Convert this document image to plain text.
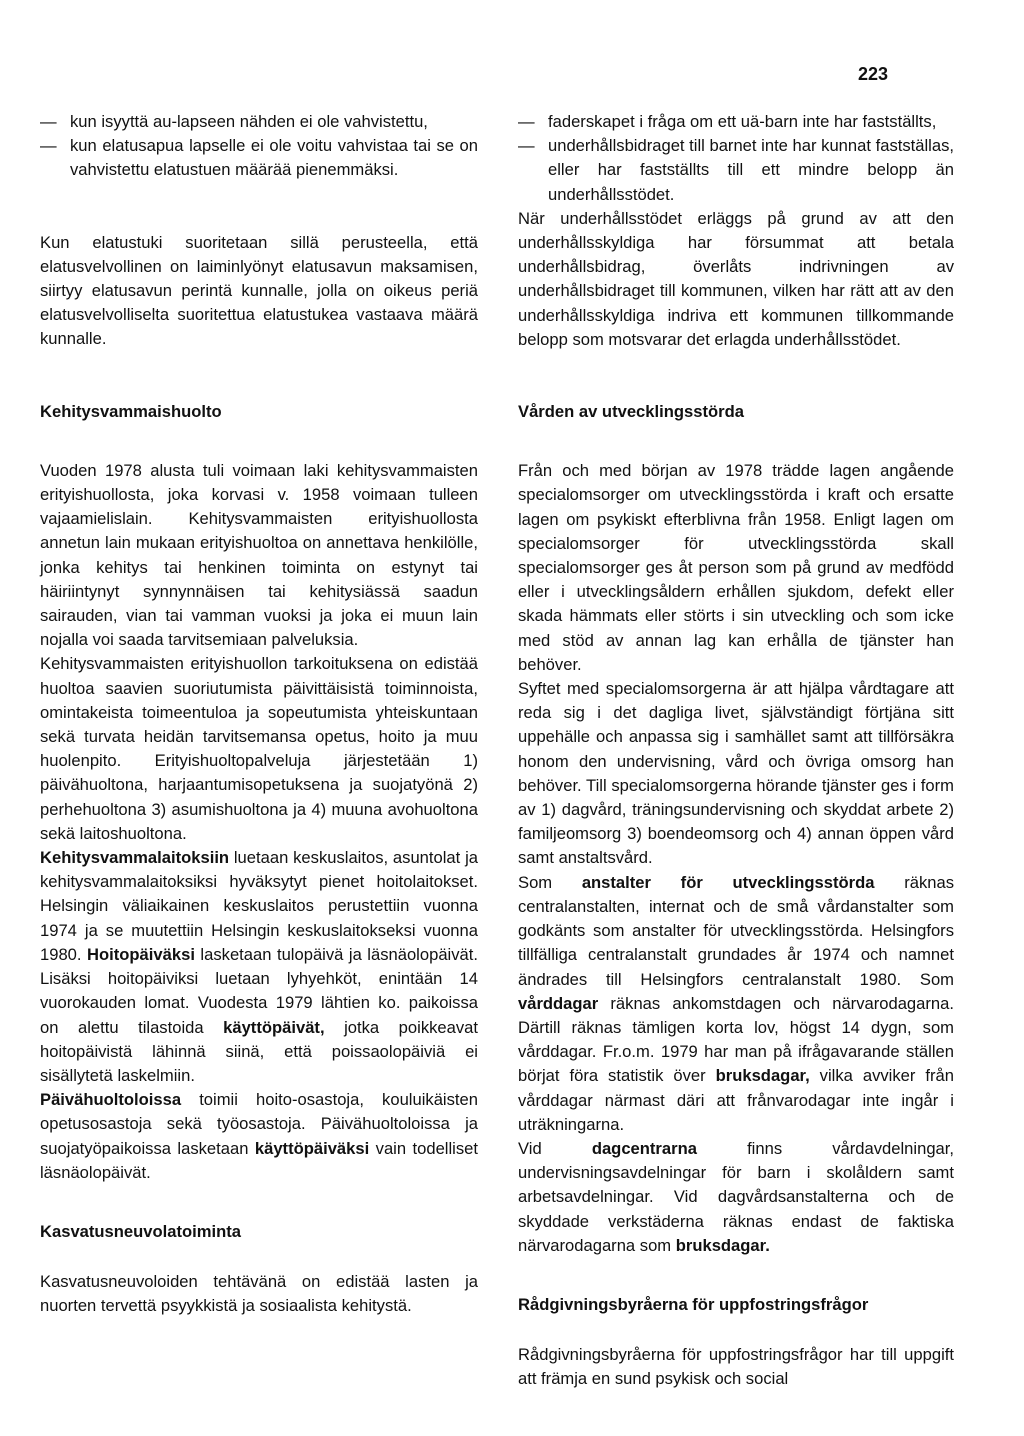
223
— kun isyyttä au-lapseen nähden ei ole vahvistettu,
— kun elatusapua lapselle ei ole voitu vahvistaa tai se on vahvistettu elatustuen määrää pienemmäksi.

Kun elatustuki suoritetaan sillä perusteella, että elatusvelvollinen on laiminlyönyt elatusavun maksamisen, siirtyy elatusavun perintä kunnalle, jolla on oikeus periä elatusvelvolliselta suoritettua elatustukea vastaava määrä kunnalle.

Kehitysvammaishuolto

Vuoden 1978 alusta tuli voimaan laki kehitysvammaisten erityishuollosta, joka korvasi v. 1958 voimaan tulleen vajaamielislain. Kehitysvammaisten erityishuollosta annetun lain mukaan erityishuoltoa on annettava henkilölle, jonka kehitys tai henkinen toiminta on estynyt tai häiriintynyt synnynnäisen tai kehitysiässä saadun sairauden, vian tai vamman vuoksi ja joka ei muun lain nojalla voi saada tarvitsemiaan palveluksia.

Kehitysvammaisten erityishuollon tarkoituksena on edistää huoltoa saavien suoriutumista päivittäisistä toiminnoista, omintakeista toimeentuloa ja sopeutumista yhteiskuntaan sekä turvata heidän tarvitsemansa opetus, hoito ja muu huolenpito. Erityishuoltopalveluja järjestetään 1) päivähuoltona, harjaantumisopetuksena ja suojatyönä 2) perhehuoltona 3) asumishuoltona ja 4) muuna avohuoltona sekä laitoshuoltona.

Kehitysvammalaitoksiin luetaan keskuslaitos, asuntolat ja kehitysvammalaitoksiksi hyväksytyt pienet hoitolaitokset. Helsingin väliaikainen keskuslaitos perustettiin vuonna 1974 ja se muutettiin Helsingin keskuslaitokseksi vuonna 1980. Hoitopäiväksi lasketaan tulopäivä ja läsnäolopäivät. Lisäksi hoitopäiviksi luetaan lyhyehköt, enintään 14 vuorokauden lomat. Vuodesta 1979 lähtien ko. paikoissa on alettu tilastoida käyttöpäivät, jotka poikkeavat hoitopäivistä lähinnä siinä, että poissaolopäiviä ei sisällytetä laskelmiin.

Päivähuoltoloissa toimii hoito-osastoja, kouluikäisten opetusosastoja sekä työosastoja. Päivähuoltoloissa ja suojatyöpaikoissa lasketaan käyttöpäiväksi vain todelliset läsnäolopäivät.

Kasvatusneuvolatoiminta

Kasvatusneuvoloiden tehtävänä on edistää lasten ja nuorten tervettä psyykkistä ja sosiaalista kehitystä.

— faderskapet i fråga om ett uä-barn inte har fastställts,
— underhållsbidraget till barnet inte har kunnat fastställas, eller har fastställts till ett mindre belopp än underhållsstödet.

När underhållsstödet erläggs på grund av att den underhållsskyldiga har försummat att betala underhållsbidrag, överlåts indrivningen av underhållsbidraget till kommunen, vilken har rätt att av den underhållsskyldiga indriva ett kommunen tillkommande belopp som motsvarar det erlagda underhållsstödet.

Vården av utvecklingsstörda

Från och med början av 1978 trädde lagen angående specialomsorger om utvecklingsstörda i kraft och ersatte lagen om psykiskt efterblivna från 1958. Enligt lagen om specialomsorger för utvecklingsstörda skall specialomsorger ges åt person som på grund av medfödd eller i utvecklingsåldern erhållen sjukdom, defekt eller skada hämmats eller störts i sin utveckling och som icke med stöd av annan lag kan erhålla de tjänster han behöver.

Syftet med specialomsorgerna är att hjälpa vårdtagare att reda sig i det dagliga livet, självständigt förtjäna sitt uppehälle och anpassa sig i samhället samt att tillförsäkra honom den undervisning, vård och övriga omsorg han behöver. Till specialomsorgerna hörande tjänster ges i form av 1) dagvård, träningsundervisning och skyddat arbete 2) familjeomsorg 3) boendeomsorg och 4) annan öppen vård samt anstaltsvård.

Som anstalter för utvecklingsstörda räknas centralanstalten, internat och de små vårdanstalter som godkänts som anstalter för utvecklingsstörda. Helsingfors tillfälliga centralanstalt grundades år 1974 och namnet ändrades till Helsingfors centralanstalt 1980. Som vårddagar räknas ankomstdagen och närvarodagarna. Därtill räknas tämligen korta lov, högst 14 dygn, som vårddagar. Fr.o.m. 1979 har man på ifrågavarande ställen börjat föra statistik över bruksdagar, vilka avviker från vårddagar närmast däri att frånvarodagar inte ingår i uträkningarna.

Vid dagcentrarna finns vårdavdelningar, undervisningsavdelningar för barn i skolåldern samt arbetsavdelningar. Vid dagvårdsanstalterna och de skyddade verkstäderna räknas endast de faktiska närvarodagarna som bruksdagar.

Rådgivningsbyråerna för uppfostringsfrågor

Rådgivningsbyråerna för uppfostringsfrågor har till uppgift att främja en sund psykisk och social
